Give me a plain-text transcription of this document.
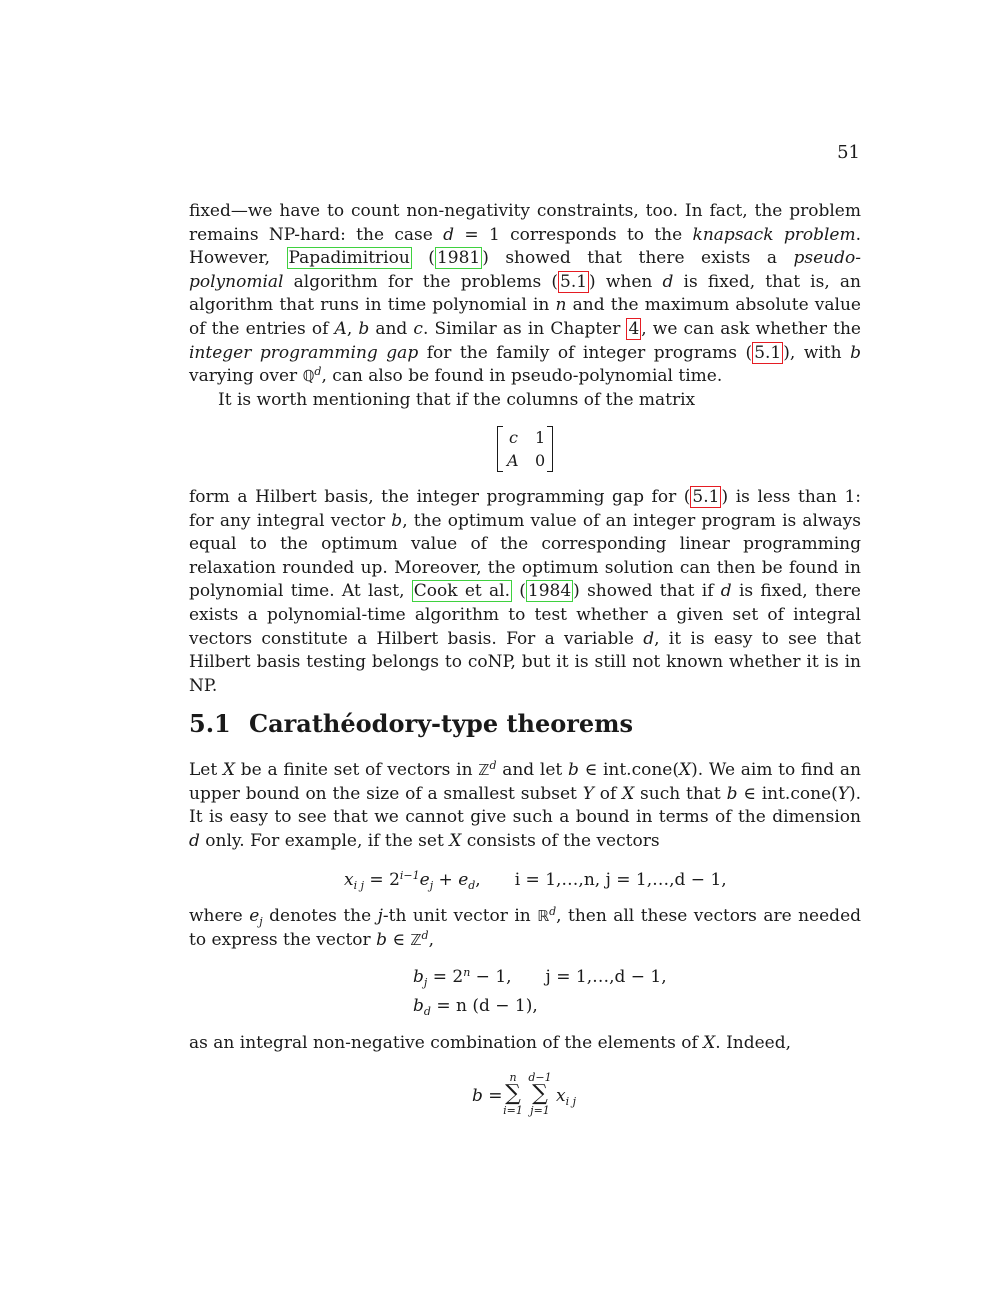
51

fixed—we have to count non-negativity constraints, too. In fact, the problem remains NP-hard: the case d = 1 corresponds to the knapsack problem. However, Papadimitriou ( 1981 ) showed that there exists a pseudo-polynomial algorithm for the problems ( 5.1 ) when d is fixed, that is, an algorithm that runs in time polynomial in n and the maximum absolute value of the entries of A, b and c. Similar as in Chapter 4 , we can ask whether the integer programming gap for the family of integer programs ( 5.1 ), with b varying over ℚ$^d$, can also be found in pseudo-polynomial time.

It is worth mentioning that if the columns of the matrix

c 1
A 0

form a Hilbert basis, the integer programming gap for ( 5.1 ) is less than 1: for any integral vector b, the optimum value of an integer program is always equal to the optimum value of the corresponding linear programming relaxation rounded up. Moreover, the optimum solution can then be found in polynomial time. At last, Cook et al. ( 1984 ) showed that if d is fixed, there exists a polynomial-time algorithm to test whether a given set of integral vectors constitute a Hilbert basis. For a variable d, it is easy to see that Hilbert basis testing belongs to coNP, but it is still not known whether it is in NP.

5.1 Carathéodory-type theorems

Let X be a finite set of vectors in ℤ$^d$ and let b ∈ int.cone(X). We aim to find an upper bound on the size of a smallest subset Y of X such that b ∈ int.cone(Y). It is easy to see that we cannot give such a bound in terms of the dimension d only. For example, if the set X consists of the vectors

$x_{i j} = 2^{i-1}e_j + e_d$,  i = 1,…,n, j = 1,…,d − 1,

where $e_j$ denotes the j-th unit vector in ℝ$^d$, then all these vectors are needed to express the vector b ∈ ℤ$^d$,

$b_j = 2^n - 1$,  j = 1,…,d − 1,
$b_d = n$ (d − 1),

as an integral non-negative combination of the elements of X. Indeed,

b =
n
∑
i=1
d−1
∑
j=1
$x_{i j}$
